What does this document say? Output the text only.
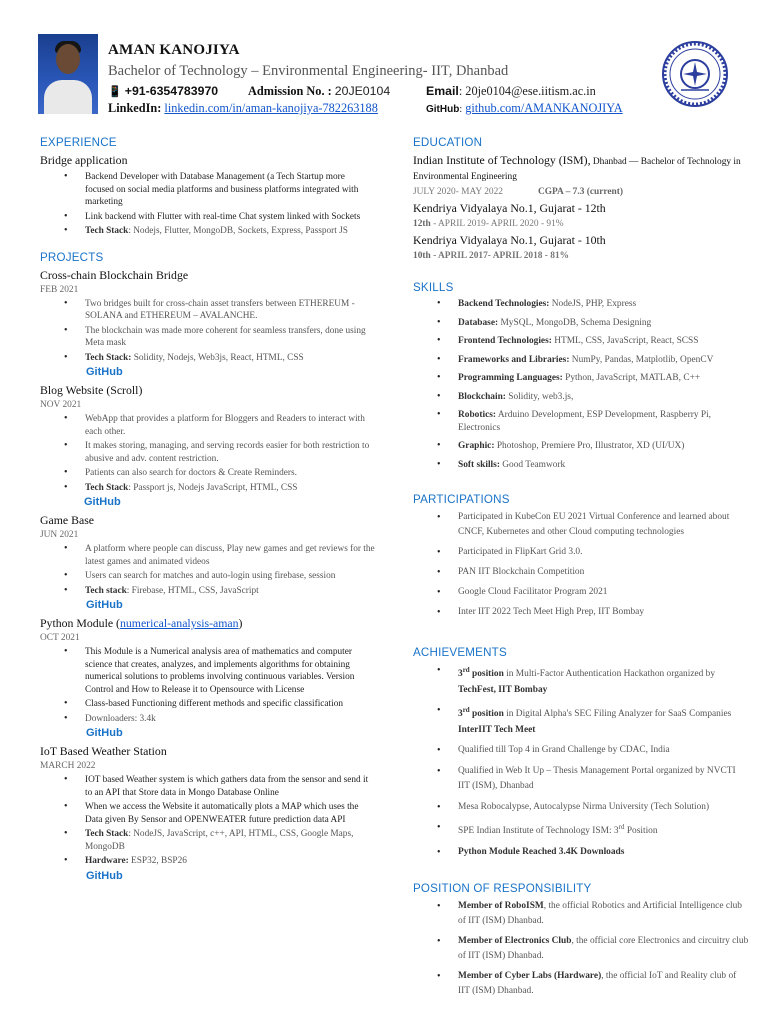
AMAN KANOJIYA
Bachelor of Technology – Environmental Engineering- IIT, Dhanbad
📱 +91-6354783970 Admission No. : 20JE0104	Email: 20je0104@ese.iitism.ac.in
LinkedIn: linkedin.com/in/aman-kanojiya-782263188	GitHub: github.com/AMANKANOJIYA
EXPERIENCE
Bridge application
• Backend Developer with Database Management (a Tech Startup more focused on social media platforms and business platforms integrated with marketing
• Link backend with Flutter with real-time Chat system linked with Sockets
• Tech Stack: Nodejs, Flutter, MongoDB, Sockets, Express, Passport JS
PROJECTS
Cross-chain Blockchain Bridge
FEB 2021
• Two bridges built for cross-chain asset transfers between ETHEREUM - SOLANA and ETHEREUM – AVALANCHE.
• The blockchain was made more coherent for seamless transfers, done using Meta mask
• Tech Stack: Solidity, Nodejs, Web3js, React, HTML, CSS
GitHub
Blog Website (Scroll)
NOV 2021
• WebApp that provides a platform for Bloggers and Readers to interact with each other.
• It makes storing, managing, and serving records easier for both restriction to abusive and adv. content restriction.
• Patients can also search for doctors & Create Reminders.
• Tech Stack: Passport js, Nodejs JavaScript, HTML, CSS
GitHub
Game Base
JUN 2021
• A platform where people can discuss, Play new games and get reviews for the latest games and animated videos
• Users can search for matches and auto-login using firebase, session
• Tech stack: Firebase, HTML, CSS, JavaScript
GitHub
Python Module (numerical-analysis-aman)
OCT 2021
• This Module is a Numerical analysis area of mathematics and computer science that creates, analyzes, and implements algorithms for obtaining numerical solutions to problems involving continuous variables. Version Control and How to Release it to Opensource with License
• Class-based Functioning different methods and specific classification
• Downloaders: 3.4k
GitHub
IoT Based Weather Station
MARCH 2022
• IOT based Weather system is which gathers data from the sensor and send it to an API that Store data in Mongo Database Online
• When we access the Website it automatically plots a MAP which uses the Data given By Sensor and OPENWEATER future prediction data API
• Tech Stack: NodeJS, JavaScript, c++, API, HTML, CSS, Google Maps, MongoDB
• Hardware: ESP32, BSP26
GitHub
EDUCATION
Indian Institute of Technology (ISM), Dhanbad — Bachelor of Technology in Environmental Engineering
JULY 2020- MAY 2022	CGPA – 7.3 (current)
Kendriya Vidyalaya No.1, Gujarat - 12th
12th - APRIL 2019- APRIL 2020 - 91%
Kendriya Vidyalaya No.1, Gujarat - 10th
10th - APRIL 2017- APRIL 2018 - 81%
SKILLS
• Backend Technologies: NodeJS, PHP, Express
• Database: MySQL, MongoDB, Schema Designing
• Frontend Technologies: HTML, CSS, JavaScript, React, SCSS
• Frameworks and Libraries: NumPy, Pandas, Matplotlib, OpenCV
• Programming Languages: Python, JavaScript, MATLAB, C++
• Blockchain: Solidity, web3.js,
• Robotics: Arduino Development, ESP Development, Raspberry Pi, Electronics
• Graphic: Photoshop, Premiere Pro, Illustrator, XD (UI/UX)
• Soft skills: Good Teamwork
PARTICIPATIONS
• Participated in KubeCon EU 2021 Virtual Conference and learned about CNCF, Kubernetes and other Cloud computing technologies
• Participated in FlipKart Grid 3.0.
• PAN IIT Blockchain Competition
• Google Cloud Facilitator Program 2021
• Inter IIT 2022 Tech Meet High Prep, IIT Bombay
ACHIEVEMENTS
• 3rd position in Multi-Factor Authentication Hackathon organized by TechFest, IIT Bombay
• 3rd position in Digital Alpha's SEC Filing Analyzer for SaaS Companies InterIIT Tech Meet
• Qualified till Top 4 in Grand Challenge by CDAC, India
• Qualified in Web It Up – Thesis Management Portal organized by NVCTI IIT (ISM), Dhanbad
• Mesa Robocalypse, Autocalypse Nirma University (Tech Solution)
• SPE Indian Institute of Technology ISM: 3rd Position
• Python Module Reached 3.4K Downloads
POSITION OF RESPONSIBILITY
• Member of RoboISM, the official Robotics and Artificial Intelligence club of IIT (ISM) Dhanbad.
• Member of Electronics Club, the official core Electronics and circuitry club of IIT (ISM) Dhanbad.
• Member of Cyber Labs (Hardware), the official IoT and Reality club of IIT (ISM) Dhanbad.
